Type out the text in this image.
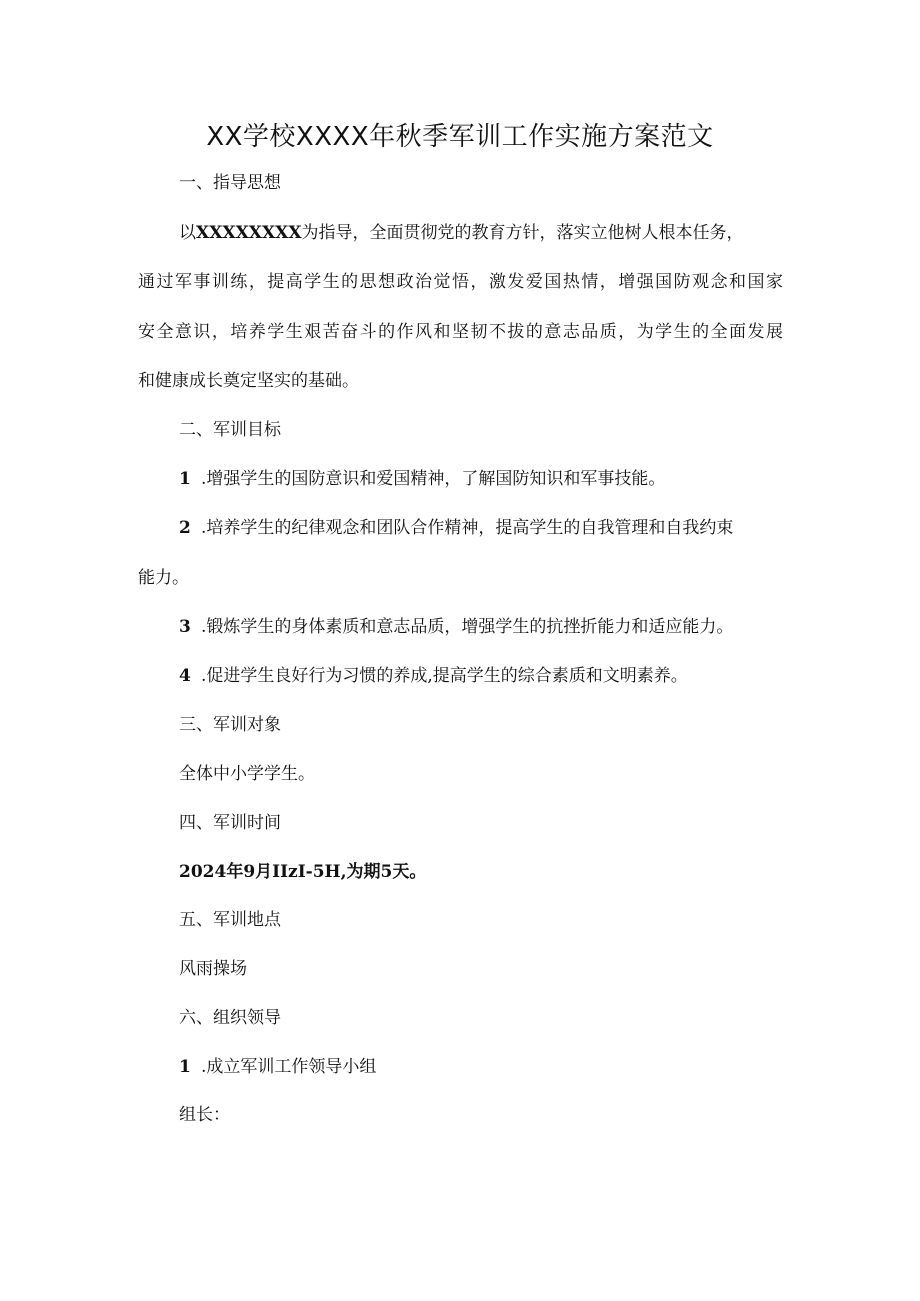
XX学校XXXX年秋季军训工作实施方案范文
一、指导思想
以XXXXXXXX为指导，全面贯彻党的教育方针，落实立他树人根本任务，
通过军事训练，提高学生的思想政治觉悟，激发爱国热情，增强国防观念和国家
安全意识，培养学生艰苦奋斗的作风和坚韧不拔的意志品质，为学生的全面发展
和健康成长奠定坚实的基础。
二、军训目标
1 .增强学生的国防意识和爱国精神，了解国防知识和军事技能。
2 .培养学生的纪律观念和团队合作精神，提高学生的自我管理和自我约束
能力。
3 .锻炼学生的身体素质和意志品质，增强学生的抗挫折能力和适应能力。
4 .促进学生良好行为习惯的养成,提高学生的综合素质和文明素养。
三、军训对象
全体中小学学生。
四、军训时间
2024年9月IIzI-5H,为期5天。
五、军训地点
风雨操场
六、组织领导
1 .成立军训工作领导小组
组长：
